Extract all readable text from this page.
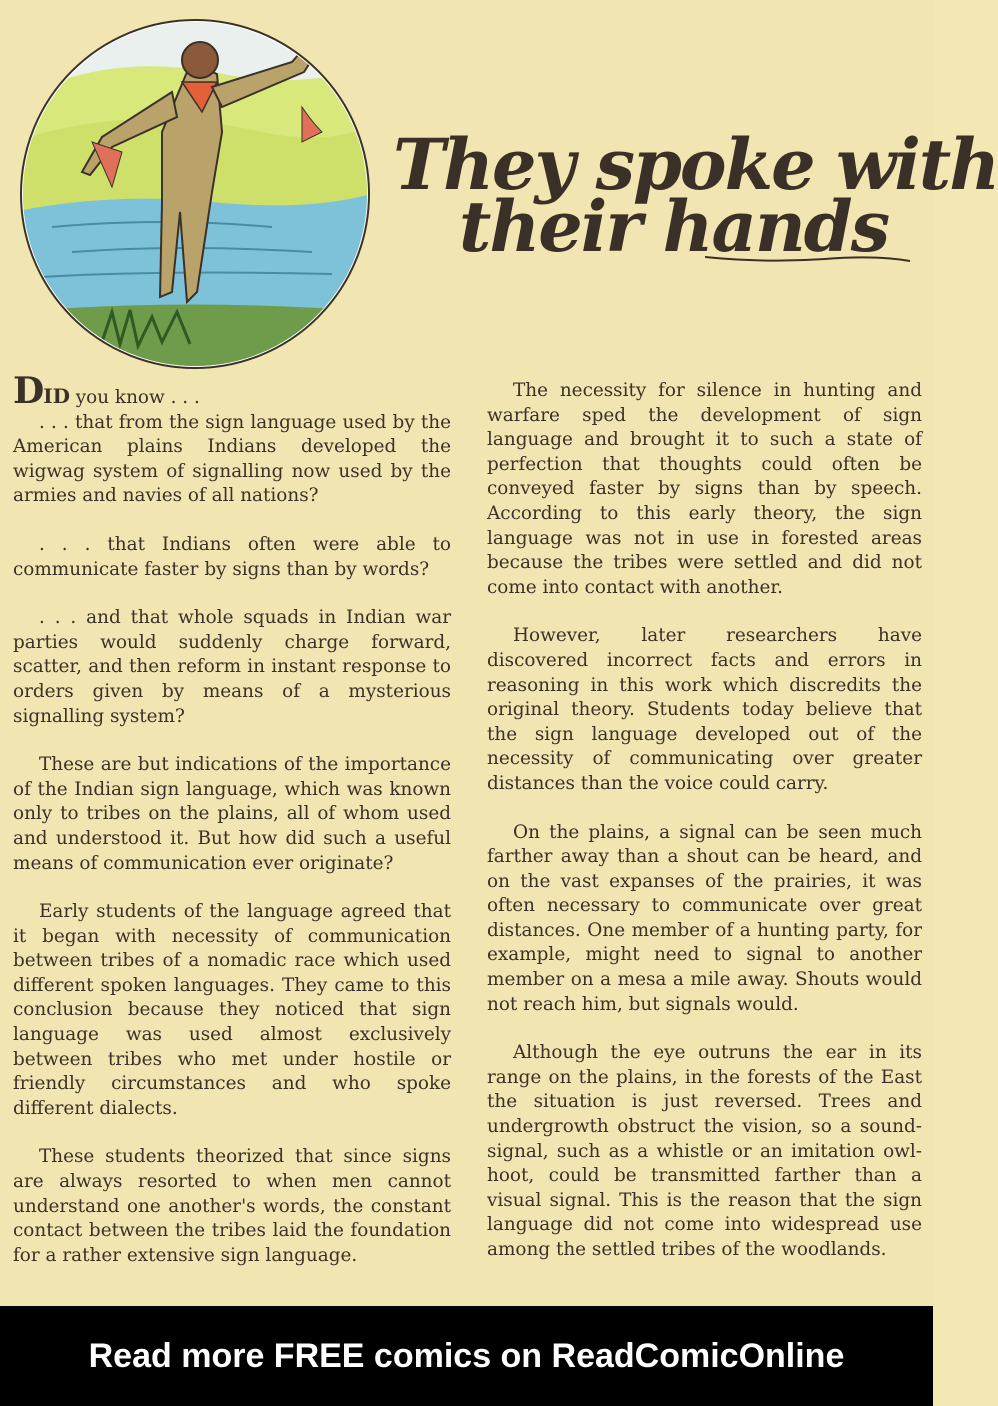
They spoke with
their hands

DID you know . . .

. . . that from the sign language used by the American plains Indians developed the wigwag system of signalling now used by the armies and navies of all nations?

. . . that Indians often were able to communicate faster by signs than by words?

. . . and that whole squads in Indian war parties would suddenly charge forward, scatter, and then reform in instant response to orders given by means of a mysterious signalling system?

These are but indications of the importance of the Indian sign language, which was known only to tribes on the plains, all of whom used and understood it. But how did such a useful means of communication ever originate?

Early students of the language agreed that it began with necessity of communication between tribes of a nomadic race which used different spoken languages. They came to this conclusion because they noticed that sign language was used almost exclusively between tribes who met under hostile or friendly circumstances and who spoke different dialects.

These students theorized that since signs are always resorted to when men cannot understand one another's words, the constant contact between the tribes laid the foundation for a rather extensive sign language.

The necessity for silence in hunting and warfare sped the development of sign language and brought it to such a state of perfection that thoughts could often be conveyed faster by signs than by speech. According to this early theory, the sign language was not in use in forested areas because the tribes were settled and did not come into contact with another.

However, later researchers have discovered incorrect facts and errors in reasoning in this work which discredits the original theory. Students today believe that the sign language developed out of the necessity of communicating over greater distances than the voice could carry.

On the plains, a signal can be seen much farther away than a shout can be heard, and on the vast expanses of the prairies, it was often necessary to communicate over great distances. One member of a hunting party, for example, might need to signal to another member on a mesa a mile away. Shouts would not reach him, but signals would.

Although the eye outruns the ear in its range on the plains, in the forests of the East the situation is just reversed. Trees and undergrowth obstruct the vision, so a sound-signal, such as a whistle or an imitation owl-hoot, could be transmitted farther than a visual signal. This is the reason that the sign language did not come into widespread use among the settled tribes of the woodlands.

Read more FREE comics on ReadComicOnline
